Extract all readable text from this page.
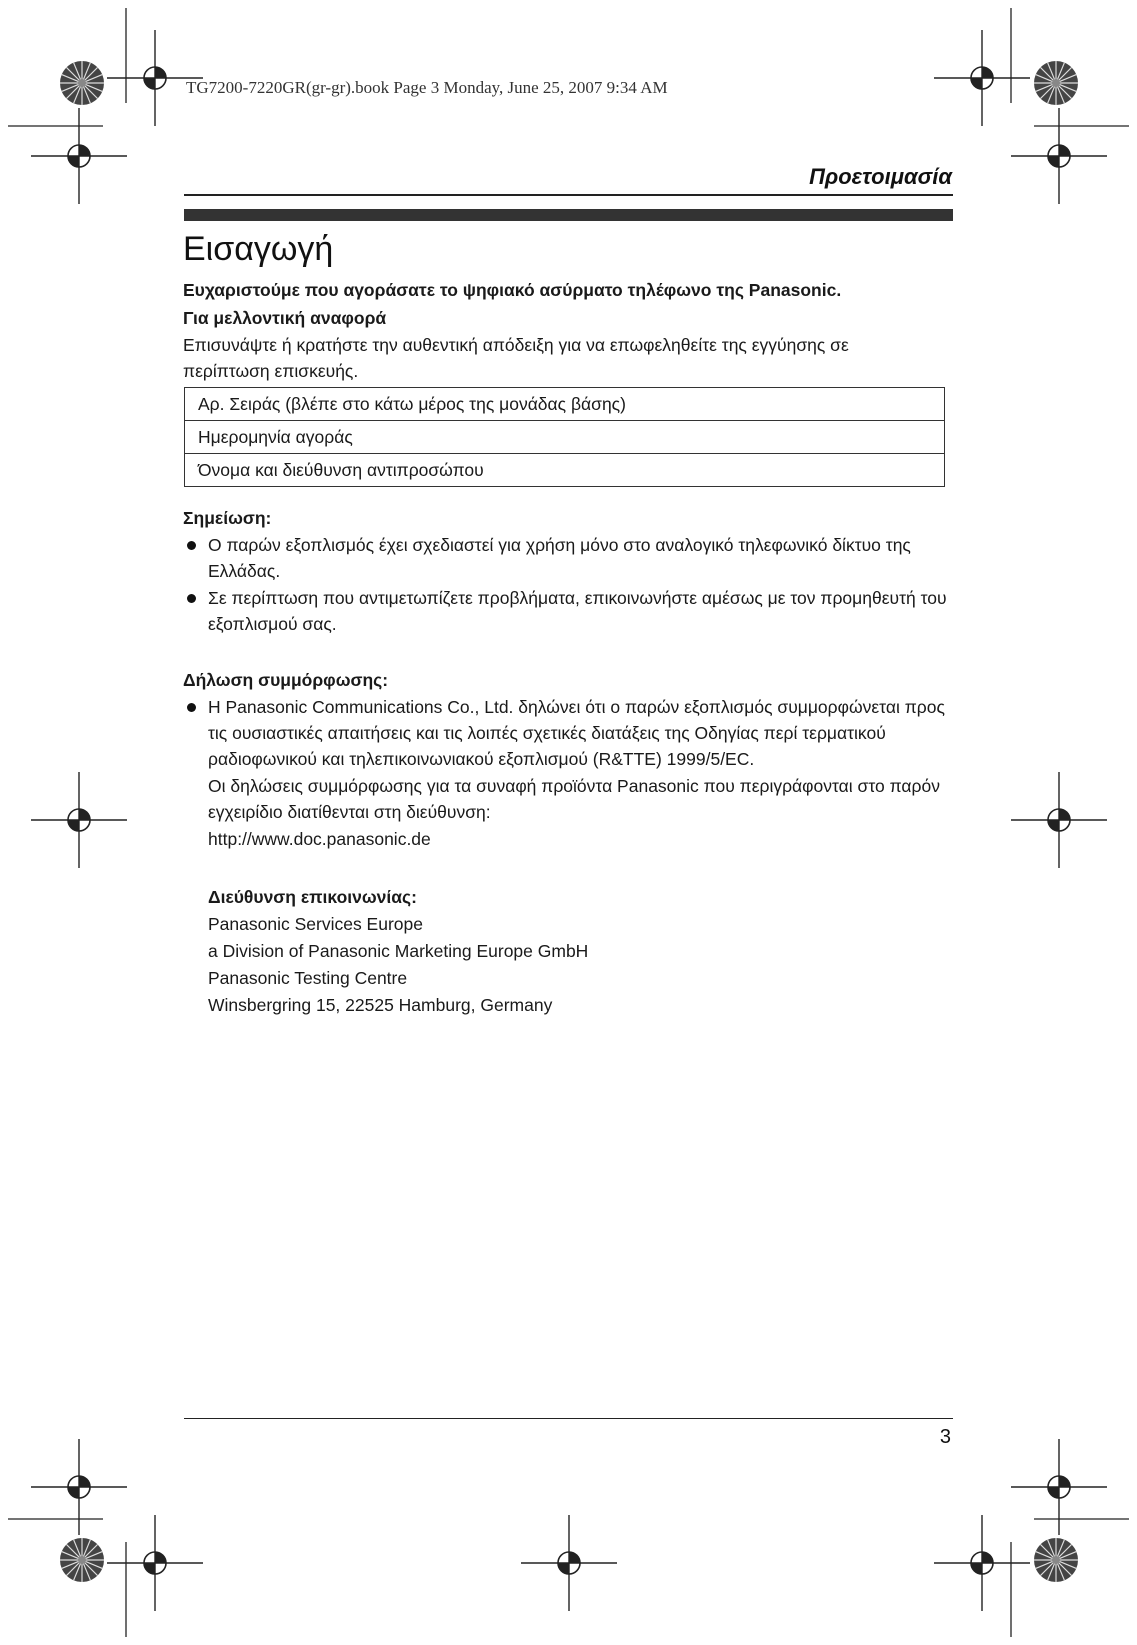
TG7200-7220GR(gr-gr).book Page 3 Monday, June 25, 2007 9:34 AM
Προετοιμασία
Εισαγωγή
Ευχαριστούμε που αγοράσατε το ψηφιακό ασύρματο τηλέφωνο της Panasonic.
Για μελλοντική αναφορά
Επισυνάψτε ή κρατήστε την αυθεντική απόδειξη για να επωφεληθείτε της εγγύησης σε περίπτωση επισκευής.
Αρ. Σειράς (βλέπε στο κάτω μέρος της μονάδας βάσης)
Ημερομηνία αγοράς
Όνομα και διεύθυνση αντιπροσώπου
Σημείωση:
Ο παρών εξοπλισμός έχει σχεδιαστεί για χρήση μόνο στο αναλογικό τηλεφωνικό δίκτυο της Ελλάδας.
Σε περίπτωση που αντιμετωπίζετε προβλήματα, επικοινωνήστε αμέσως με τον προμηθευτή του εξοπλισμού σας.
Δήλωση συμμόρφωσης:
Η Panasonic Communications Co., Ltd. δηλώνει ότι ο παρών εξοπλισμός συμμορφώνεται προς τις ουσιαστικές απαιτήσεις και τις λοιπές σχετικές διατάξεις της Οδηγίας περί τερματικού ραδιοφωνικού και τηλεπικοινωνιακού εξοπλισμού (R&TTE) 1999/5/EC.
Οι δηλώσεις συμμόρφωσης για τα συναφή προϊόντα Panasonic που περιγράφονται στο παρόν εγχειρίδιο διατίθενται στη διεύθυνση:
http://www.doc.panasonic.de
Διεύθυνση επικοινωνίας:
Panasonic Services Europe
a Division of Panasonic Marketing Europe GmbH
Panasonic Testing Centre
Winsbergring 15, 22525 Hamburg, Germany
3
